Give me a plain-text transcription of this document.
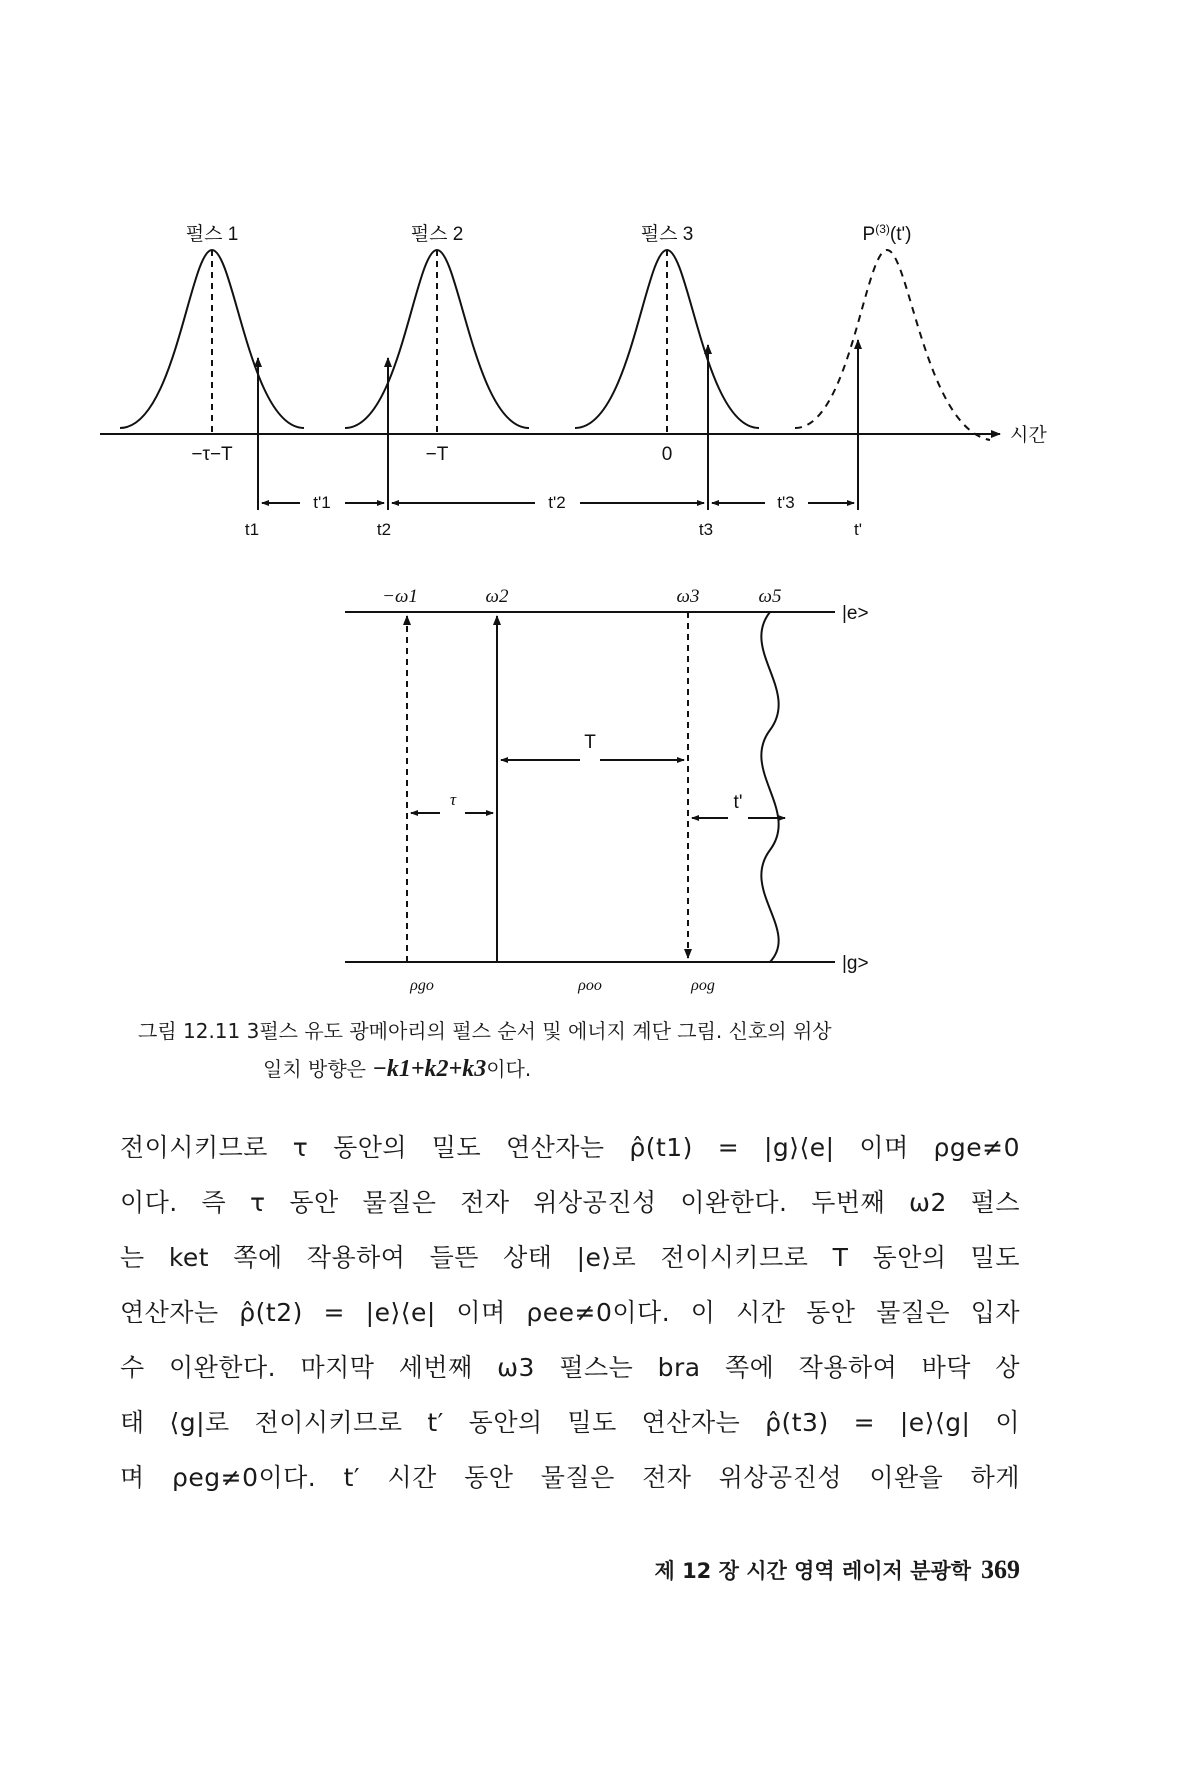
펄스 1	펄스 2	펄스 3	$P^{(3)}(t')$
시간
−τ−T	−T	0
t'1	t'2	t'3
t1	t2	t3	t'
−ω1	ω2	ω3	ω5
|e>
|g>
T
τ	t'
ρgo	ρoo	ρog
그림 12.11 3펄스 유도 광메아리의 펄스 순서 및 에너지 계단 그림. 신호의 위상
일치 방향은 −k1+k2+k3이다.
전이시키므로 τ 동안의 밀도 연산자는 ρ̂(t1) = |g⟩⟨e| 이며 ρge≠0
이다. 즉 τ 동안 물질은 전자 위상공진성 이완한다. 두번째 ω2 펄스
는 ket 쪽에 작용하여 들뜬 상태 |e⟩로 전이시키므로 T 동안의 밀도
연산자는 ρ̂(t2) = |e⟩⟨e| 이며 ρee≠0이다. 이 시간 동안 물질은 입자
수 이완한다. 마지막 세번째 ω3 펄스는 bra 쪽에 작용하여 바닥 상
태 ⟨g|로 전이시키므로 t′ 동안의 밀도 연산자는 ρ̂(t3) = |e⟩⟨g| 이
며 ρeg≠0이다. t′ 시간 동안 물질은 전자 위상공진성 이완을 하게
제 12 장 시간 영역 레이저 분광학 369
